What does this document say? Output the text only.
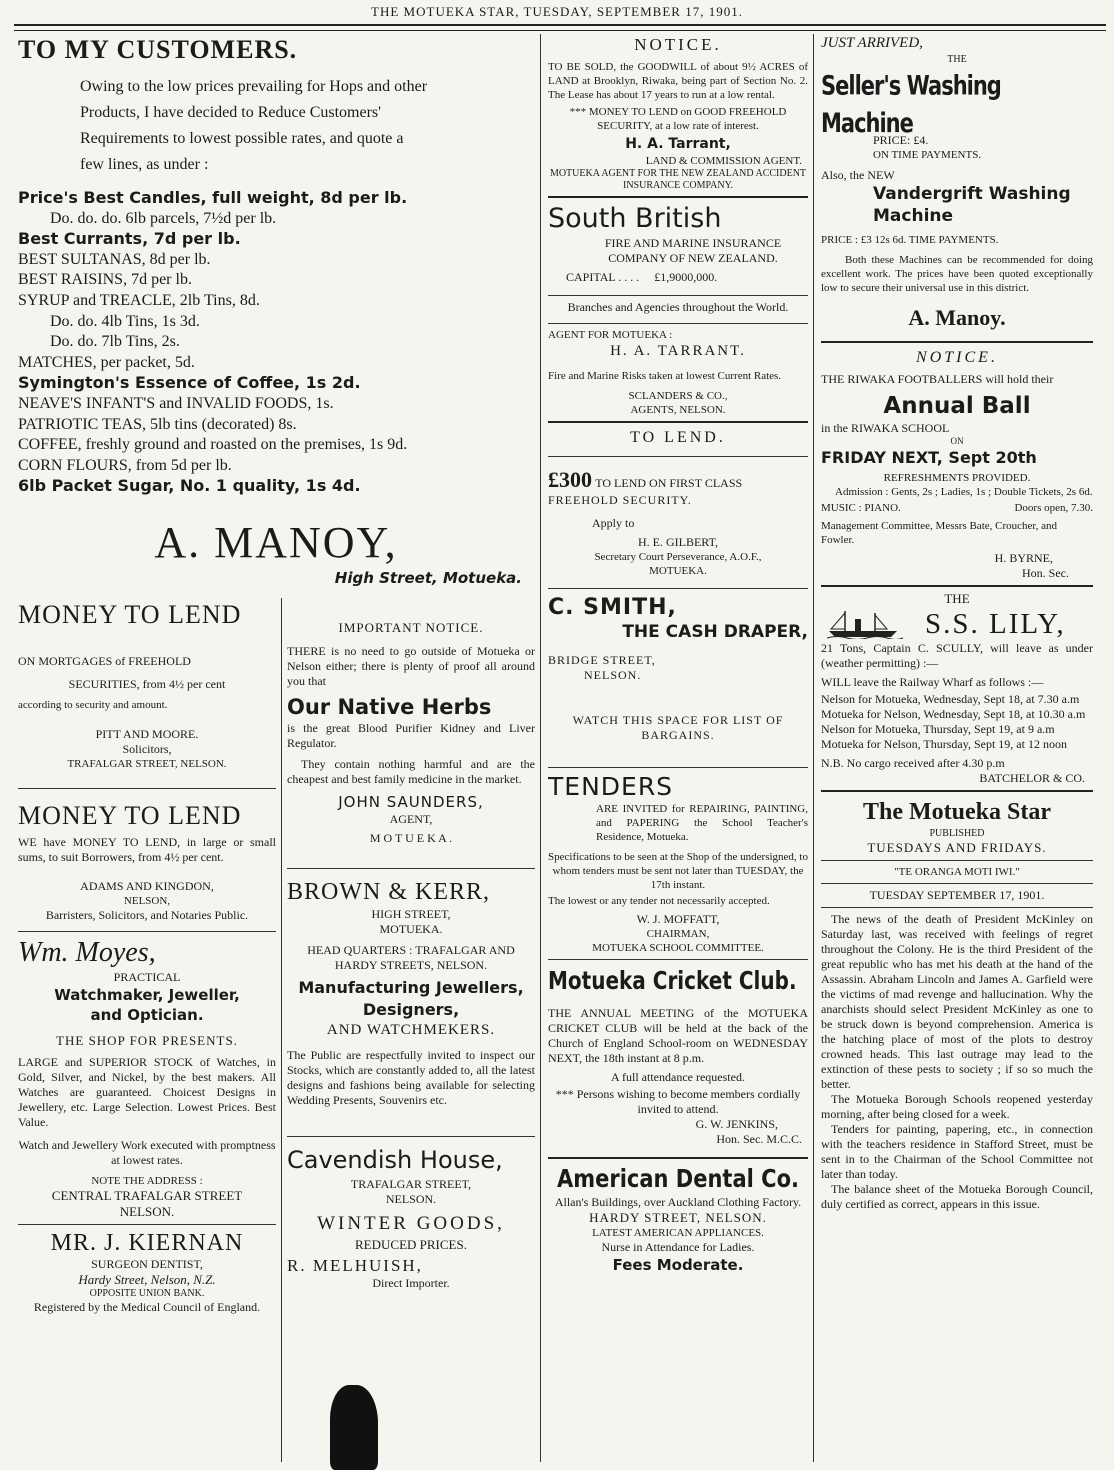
THE MOTUEKA STAR, TUESDAY, SEPTEMBER 17, 1901.
TO MY CUSTOMERS.

Owing to the low prices prevailing for Hops and other

Products, I have decided to Reduce Customers'

Requirements to lowest possible rates, and quote a

few lines, as under :

Price's Best Candles, full weight, 8d per lb.

Do. do. do. 6lb parcels, 7½d per lb.

Best Currants, 7d per lb.

BEST SULTANAS, 8d per lb.

BEST RAISINS, 7d per lb.

SYRUP and TREACLE, 2lb Tins, 8d.

Do. do. 4lb Tins, 1s 3d.

Do. do. 7lb Tins, 2s.

MATCHES, per packet, 5d.

Symington's Essence of Coffee, 1s 2d.

NEAVE'S INFANT'S and INVALID FOODS, 1s.

PATRIOTIC TEAS, 5lb tins (decorated) 8s.

COFFEE, freshly ground and roasted on the premises, 1s 9d.

CORN FLOURS, from 5d per lb.

6lb Packet Sugar, No. 1 quality, 1s 4d.

A. MANOY,
High Street, Motueka.
MONEY TO LEND

ON MORTGAGES of FREEHOLD

SECURITIES, from 4½ per cent

according to security and amount.

PITT AND MOORE.

Solicitors,

TRAFALGAR STREET, NELSON.

MONEY TO LEND
WE have MONEY TO LEND, in large or small sums, to suit Borrowers, from 4½ per cent.
ADAMS AND KINGDON,
NELSON,
Barristers, Solicitors, and Notaries Public.
Wm. Moyes,
PRACTICAL
Watchmaker, Jeweller,
and Optician.
THE SHOP FOR PRESENTS.
LARGE and SUPERIOR STOCK of Watches, in Gold, Silver, and Nickel, by the best makers. All Watches are guaranteed. Choicest Designs in Jewellery, etc. Large Selection. Lowest Prices. Best Value.
Watch and Jewellery Work executed with promptness at lowest rates.
NOTE THE ADDRESS :
CENTRAL TRAFALGAR STREET
NELSON.
MR. J. KIERNAN
SURGEON DENTIST,
Hardy Street, Nelson, N.Z.
OPPOSITE UNION BANK.
Registered by the Medical Council of England.
IMPORTANT NOTICE.
THERE is no need to go outside of Motueka or Nelson either; there is plenty of proof all around you that
Our Native Herbs
is the great Blood Purifier Kidney and Liver Regulator.
They contain nothing harmful and are the cheapest and best family medicine in the market.
JOHN SAUNDERS,
AGENT,
M O T U E K A .
BROWN & KERR,
HIGH STREET,
MOTUEKA.
HEAD QUARTERS : TRAFALGAR AND HARDY STREETS, NELSON.
Manufacturing Jewellers,
Designers,
AND WATCHMEKERS.
The Public are respectfully invited to inspect our Stocks, which are constantly added to, all the latest designs and fashions being available for selecting Wedding Presents, Souvenirs etc.
Cavendish House,
TRAFALGAR STREET,
NELSON.
WINTER GOODS,
REDUCED PRICES.
R. MELHUISH,
Direct Importer.
NOTICE.
TO BE SOLD, the GOODWILL of about 9½ ACRES of LAND at Brooklyn, Riwaka, being part of Section No. 2. The Lease has about 17 years to run at a low rental.
*** MONEY TO LEND on GOOD FREEHOLD SECURITY, at a low rate of interest.
H. A. Tarrant,
LAND & COMMISSION AGENT.
MOTUEKA AGENT FOR THE NEW ZEALAND ACCIDENT INSURANCE COMPANY.
South British
FIRE AND MARINE INSURANCE COMPANY OF NEW ZEALAND.
CAPITAL . . . . £1,9000,000.
Branches and Agencies throughout the World.
AGENT FOR MOTUEKA :
H. A. TARRANT.
Fire and Marine Risks taken at lowest Current Rates.
SCLANDERS & CO.,
AGENTS, NELSON.
TO LEND.
£300 TO LEND ON FIRST CLASS
FREEHOLD SECURITY.
Apply to
H. E. GILBERT,
Secretary Court Perseverance, A.O.F.,
MOTUEKA.
C. SMITH,
THE CASH DRAPER,
BRIDGE STREET,
NELSON.
WATCH THIS SPACE FOR LIST OF BARGAINS.
TENDERS
ARE INVITED for REPAIRING, PAINTING, and PAPERING the School Teacher's Residence, Motueka.
Specifications to be seen at the Shop of the undersigned, to whom tenders must be sent not later than TUESDAY, the 17th instant.
The lowest or any tender not necessarily accepted.
W. J. MOFFATT,
CHAIRMAN,
MOTUEKA SCHOOL COMMITTEE.
Motueka Cricket Club.
THE ANNUAL MEETING of the MOTUEKA CRICKET CLUB will be held at the back of the Church of England School-room on WEDNESDAY NEXT, the 18th instant at 8 p.m.
A full attendance requested.
*** Persons wishing to become members cordially invited to attend.
G. W. JENKINS,
Hon. Sec. M.C.C.
American Dental Co.
Allan's Buildings, over Auckland Clothing Factory.
HARDY STREET, NELSON.
LATEST AMERICAN APPLIANCES.
Nurse in Attendance for Ladies.
Fees Moderate.
JUST ARRIVED,
THE
Seller's Washing Machine
PRICE: £4.
ON TIME PAYMENTS.
Also, the NEW
Vandergrift Washing
Machine
PRICE : £3 12s 6d. TIME PAYMENTS.
Both these Machines can be recommended for doing excellent work. The prices have been quoted exceptionally low to secure their universal use in this district.
A. Manoy.
NOTICE.
THE RIWAKA FOOTBALLERS will hold their
Annual Ball
in the RIWAKA SCHOOL
ON
FRIDAY NEXT, Sept 20th
REFRESHMENTS PROVIDED.
Admission : Gents, 2s ; Ladies, 1s ; Double Tickets, 2s 6d.
MUSIC : PIANO.	Doors open, 7.30.
Management Committee, Messrs Bate, Croucher, and Fowler.
H. BYRNE,
Hon. Sec.
THE
S.S. LILY,
21 Tons, Captain C. SCULLY, will leave as under (weather permitting) :—
WILL leave the Railway Wharf as follows :—

Nelson for Motueka, Wednesday, Sept 18, at 7.30 a.m

Motueka for Nelson, Wednesday, Sept 18, at 10.30 a.m

Nelson for Motueka, Thursday, Sept 19, at 9 a.m

Motueka for Nelson, Thursday, Sept 19, at 12 noon

N.B. No cargo received after 4.30 p.m
BATCHELOR & CO.
The Motueka Star
PUBLISHED
TUESDAYS AND FRIDAYS.
"TE ORANGA MOTI IWI."
TUESDAY SEPTEMBER 17, 1901.
The news of the death of President McKinley on Saturday last, was received with feelings of regret throughout the Colony. He is the third President of the great republic who has met his death at the hand of the Assassin. Abraham Lincoln and James A. Garfield were the victims of mad revenge and hallucination. Why the anarchists should select President McKinley as one to be struck down is beyond comprehension. America is the hatching place of most of the plots to destroy crowned heads. This last outrage may lead to the extinction of these pests to society ; if so so much the better.
The Motueka Borough Schools reopened yesterday morning, after being closed for a week.
Tenders for painting, papering, etc., in connection with the teachers residence in Stafford Street, must be sent in to the Chairman of the School Committee not later than today.
The balance sheet of the Motueka Borough Council, duly certified as correct, appears in this issue.
